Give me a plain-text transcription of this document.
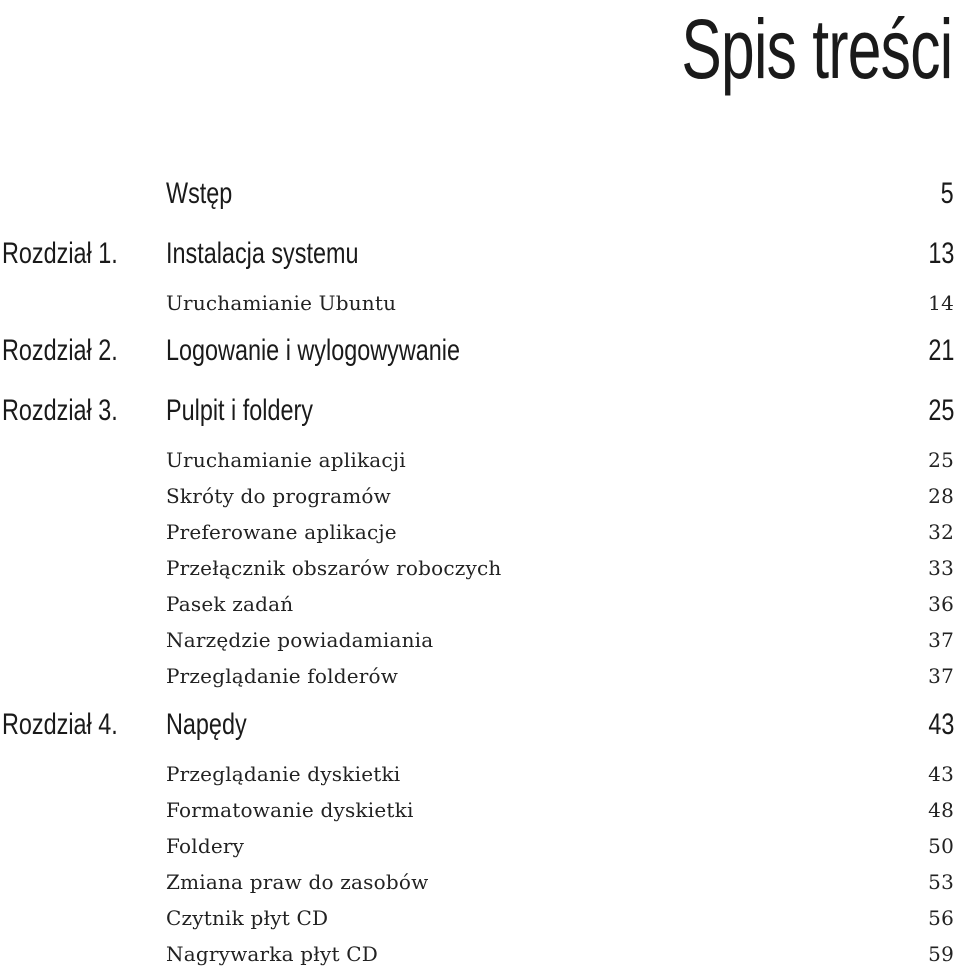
Spis treści
Wstęp	5
Rozdział 1. Instalacja systemu	13
Uruchamianie Ubuntu	14
Rozdział 2. Logowanie i wylogowywanie	21
Rozdział 3. Pulpit i foldery	25
Uruchamianie aplikacji	25
Skróty do programów	28
Preferowane aplikacje	32
Przełącznik obszarów roboczych	33
Pasek zadań	36
Narzędzie powiadamiania	37
Przeglądanie folderów	37
Rozdział 4. Napędy	43
Przeglądanie dyskietki	43
Formatowanie dyskietki	48
Foldery	50
Zmiana praw do zasobów	53
Czytnik płyt CD	56
Nagrywarka płyt CD	59
